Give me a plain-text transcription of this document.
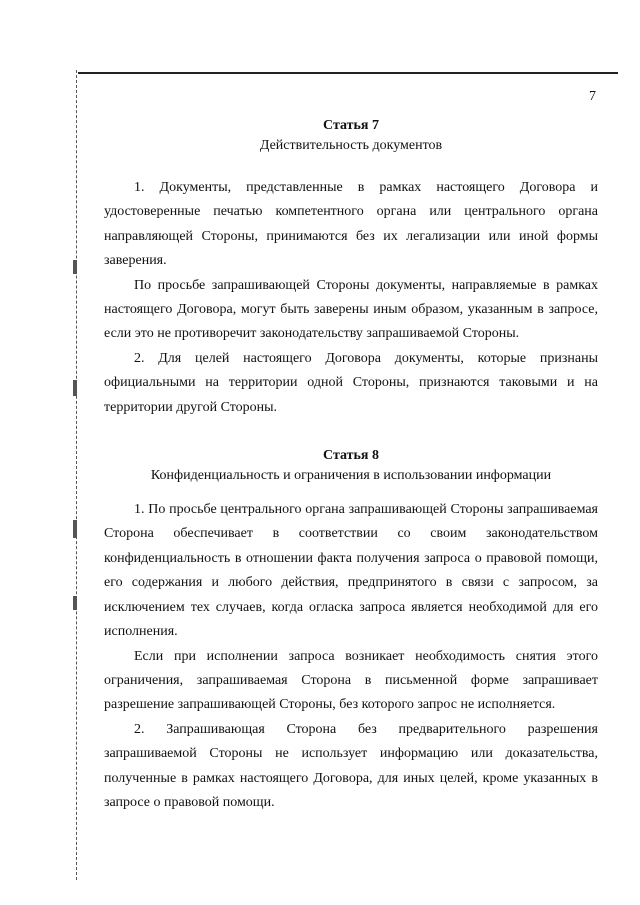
7
Статья 7
Действительность документов

1. Документы, представленные в рамках настоящего Договора и удостоверенные печатью компетентного органа или центрального органа направляющей Стороны, принимаются без их легализации или иной формы заверения.

По просьбе запрашивающей Стороны документы, направляемые в рамках настоящего Договора, могут быть заверены иным образом, указанным в запросе, если это не противоречит законодательству запрашиваемой Стороны.

2. Для целей настоящего Договора документы, которые признаны официальными на территории одной Стороны, признаются таковыми и на территории другой Стороны.

Статья 8
Конфиденциальность и ограничения в использовании информации

1. По просьбе центрального органа запрашивающей Стороны запрашиваемая Сторона обеспечивает в соответствии со своим законодательством конфиденциальность в отношении факта получения запроса о правовой помощи, его содержания и любого действия, предпринятого в связи с запросом, за исключением тех случаев, когда огласка запроса является необходимой для его исполнения.

Если при исполнении запроса возникает необходимость снятия этого ограничения, запрашиваемая Сторона в письменной форме запрашивает разрешение запрашивающей Стороны, без которого запрос не исполняется.

2. Запрашивающая Сторона без предварительного разрешения запрашиваемой Стороны не использует информацию или доказательства, полученные в рамках настоящего Договора, для иных целей, кроме указанных в запросе о правовой помощи.
